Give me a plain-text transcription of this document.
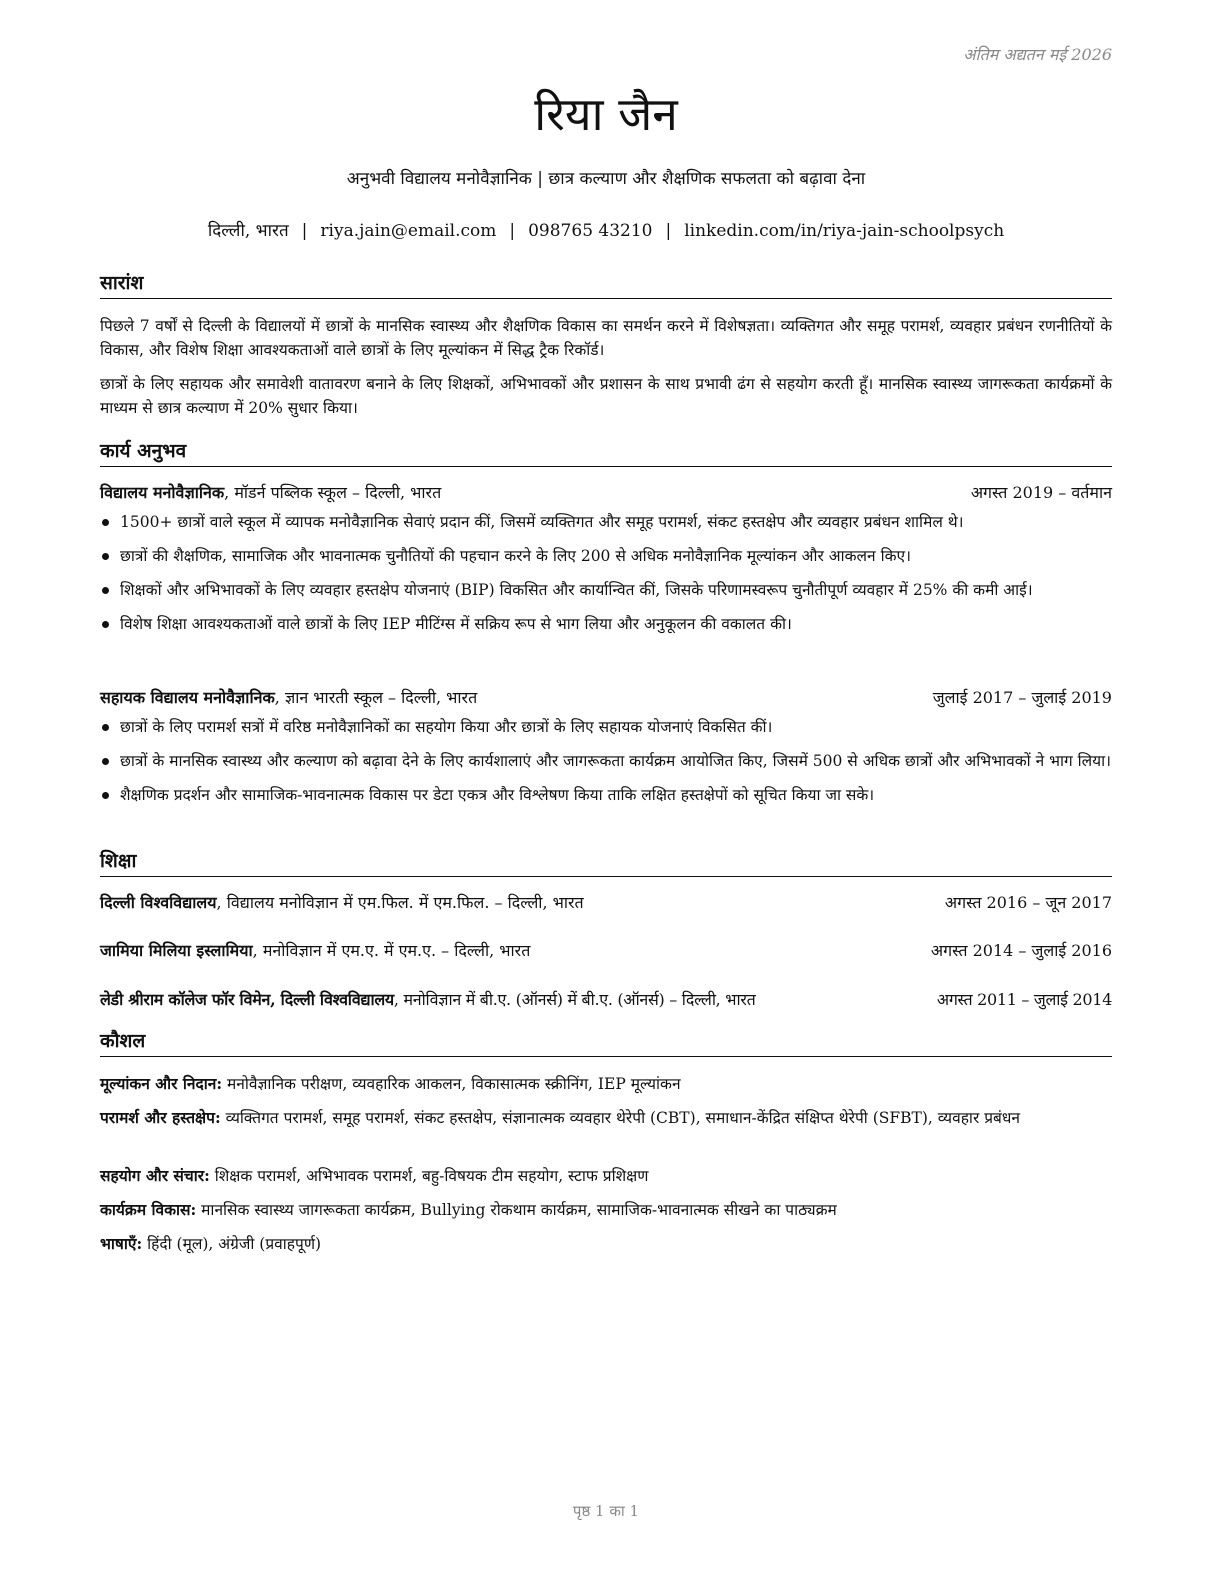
अंतिम अद्यतन मई 2026
रिया जैन
अनुभवी विद्यालय मनोवैज्ञानिक | छात्र कल्याण और शैक्षणिक सफलता को बढ़ावा देना
दिल्ली, भारत | riya.jain@email.com | 098765 43210 | linkedin.com/in/riya-jain-schoolpsych
सारांश
पिछले 7 वर्षों से दिल्ली के विद्यालयों में छात्रों के मानसिक स्वास्थ्य और शैक्षणिक विकास का समर्थन करने में विशेषज्ञता। व्यक्तिगत और समूह परामर्श, व्यवहार प्रबंधन रणनीतियों के विकास, और विशेष शिक्षा आवश्यकताओं वाले छात्रों के लिए मूल्यांकन में सिद्ध ट्रैक रिकॉर्ड।
छात्रों के लिए सहायक और समावेशी वातावरण बनाने के लिए शिक्षकों, अभिभावकों और प्रशासन के साथ प्रभावी ढंग से सहयोग करती हूँ। मानसिक स्वास्थ्य जागरूकता कार्यक्रमों के माध्यम से छात्र कल्याण में 20% सुधार किया।
कार्य अनुभव
विद्यालय मनोवैज्ञानिक, मॉडर्न पब्लिक स्कूल – दिल्ली, भारत	अगस्त 2019 – वर्तमान
1500+ छात्रों वाले स्कूल में व्यापक मनोवैज्ञानिक सेवाएं प्रदान कीं, जिसमें व्यक्तिगत और समूह परामर्श, संकट हस्तक्षेप और व्यवहार प्रबंधन शामिल थे।
छात्रों की शैक्षणिक, सामाजिक और भावनात्मक चुनौतियों की पहचान करने के लिए 200 से अधिक मनोवैज्ञानिक मूल्यांकन और आकलन किए।
शिक्षकों और अभिभावकों के लिए व्यवहार हस्तक्षेप योजनाएं (BIP) विकसित और कार्यान्वित कीं, जिसके परिणामस्वरूप चुनौतीपूर्ण व्यवहार में 25% की कमी आई।
विशेष शिक्षा आवश्यकताओं वाले छात्रों के लिए IEP मीटिंग्स में सक्रिय रूप से भाग लिया और अनुकूलन की वकालत की।
सहायक विद्यालय मनोवैज्ञानिक, ज्ञान भारती स्कूल – दिल्ली, भारत	जुलाई 2017 – जुलाई 2019
छात्रों के लिए परामर्श सत्रों में वरिष्ठ मनोवैज्ञानिकों का सहयोग किया और छात्रों के लिए सहायक योजनाएं विकसित कीं।
छात्रों के मानसिक स्वास्थ्य और कल्याण को बढ़ावा देने के लिए कार्यशालाएं और जागरूकता कार्यक्रम आयोजित किए, जिसमें 500 से अधिक छात्रों और अभिभावकों ने भाग लिया।
शैक्षणिक प्रदर्शन और सामाजिक-भावनात्मक विकास पर डेटा एकत्र और विश्लेषण किया ताकि लक्षित हस्तक्षेपों को सूचित किया जा सके।
शिक्षा
दिल्ली विश्वविद्यालय, विद्यालय मनोविज्ञान में एम.फिल. में एम.फिल. – दिल्ली, भारत	अगस्त 2016 – जून 2017
जामिया मिलिया इस्लामिया, मनोविज्ञान में एम.ए. में एम.ए. – दिल्ली, भारत	अगस्त 2014 – जुलाई 2016
लेडी श्रीराम कॉलेज फॉर विमेन, दिल्ली विश्वविद्यालय, मनोविज्ञान में बी.ए. (ऑनर्स) में बी.ए. (ऑनर्स) – दिल्ली, भारत	अगस्त 2011 – जुलाई 2014
कौशल
मूल्यांकन और निदान: मनोवैज्ञानिक परीक्षण, व्यवहारिक आकलन, विकासात्मक स्क्रीनिंग, IEP मूल्यांकन
परामर्श और हस्तक्षेप: व्यक्तिगत परामर्श, समूह परामर्श, संकट हस्तक्षेप, संज्ञानात्मक व्यवहार थेरेपी (CBT), समाधान-केंद्रित संक्षिप्त थेरेपी (SFBT), व्यवहार प्रबंधन
सहयोग और संचार: शिक्षक परामर्श, अभिभावक परामर्श, बहु-विषयक टीम सहयोग, स्टाफ प्रशिक्षण
कार्यक्रम विकास: मानसिक स्वास्थ्य जागरूकता कार्यक्रम, Bullying रोकथाम कार्यक्रम, सामाजिक-भावनात्मक सीखने का पाठ्यक्रम
भाषाएँ: हिंदी (मूल), अंग्रेजी (प्रवाहपूर्ण)
पृष्ठ 1 का 1
